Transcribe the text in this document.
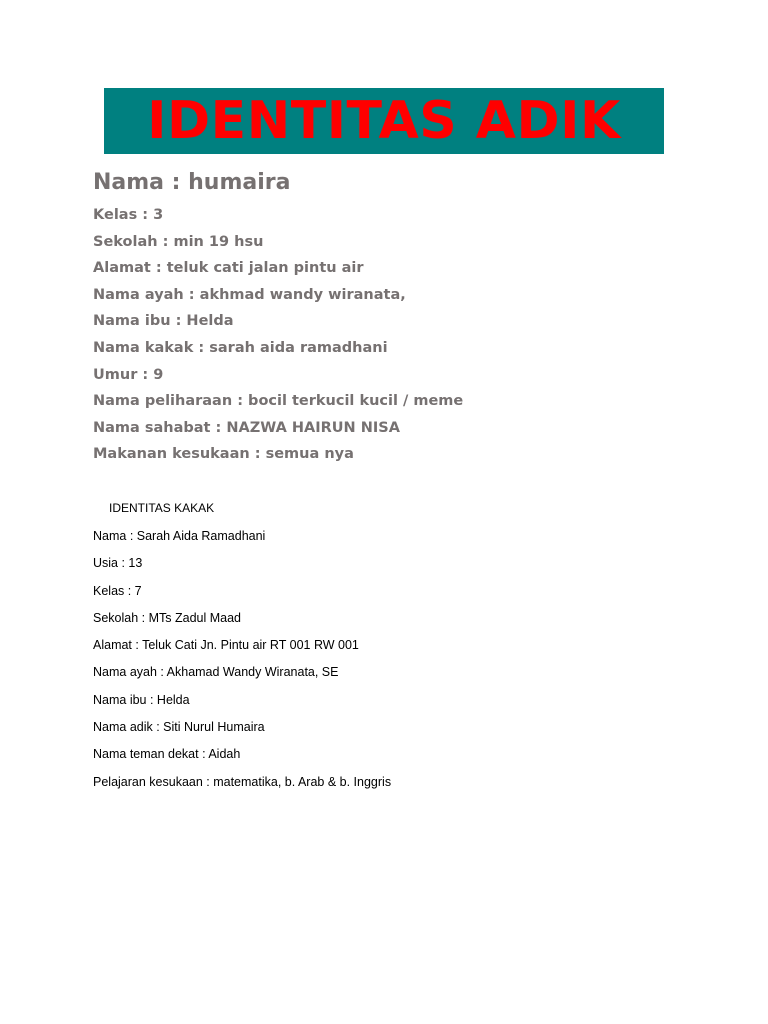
IDENTITAS ADIK
Nama : humaira
Kelas : 3
Sekolah : min 19 hsu
Alamat : teluk cati jalan pintu air
Nama ayah : akhmad wandy wiranata,
Nama ibu : Helda
Nama kakak : sarah aida ramadhani
Umur : 9
Nama peliharaan : bocil terkucil kucil / meme
Nama sahabat : NAZWA HAIRUN NISA
Makanan kesukaan : semua nya
IDENTITAS KAKAK
Nama : Sarah Aida Ramadhani
Usia : 13
Kelas : 7
Sekolah : MTs Zadul Maad
Alamat : Teluk Cati Jn. Pintu air RT 001 RW 001
Nama ayah : Akhamad Wandy Wiranata, SE
Nama ibu : Helda
Nama adik : Siti Nurul Humaira
Nama teman dekat : Aidah
Pelajaran kesukaan : matematika, b. Arab & b. Inggris
